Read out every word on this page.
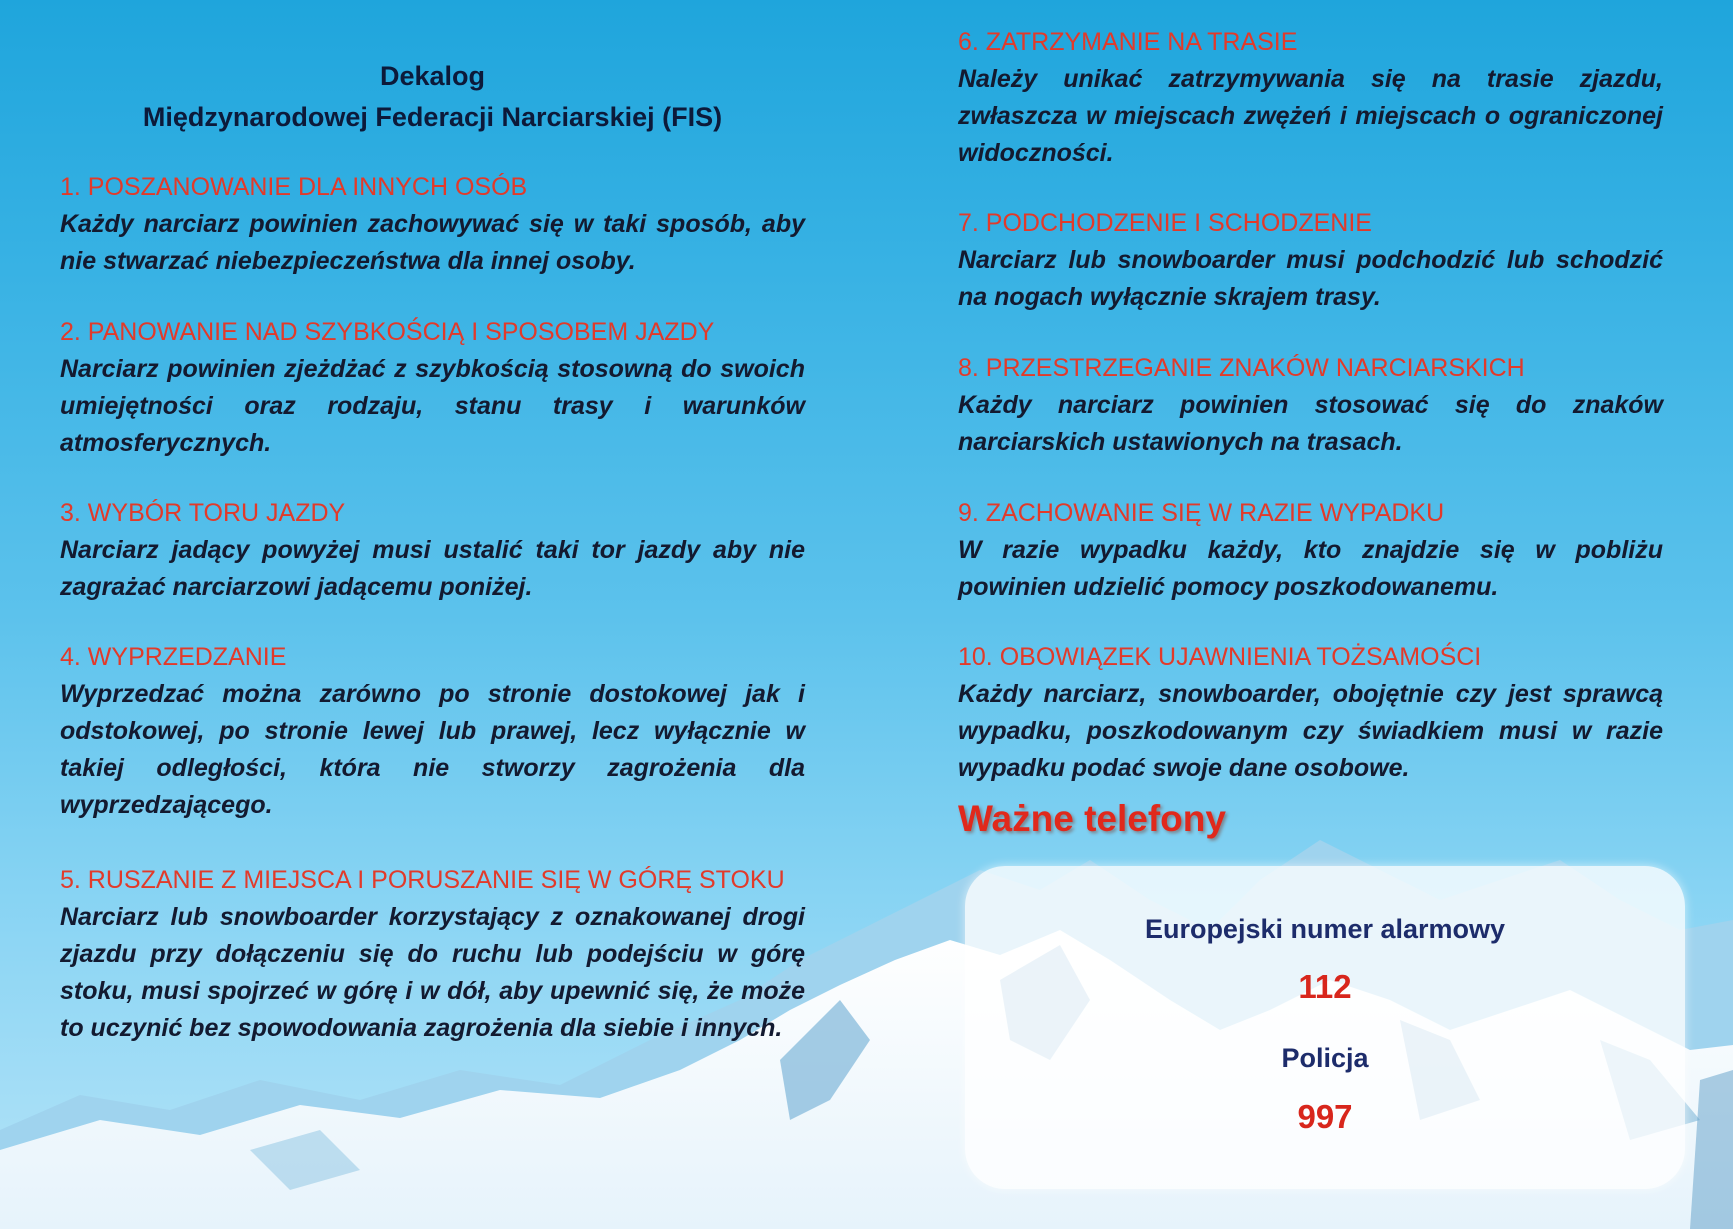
Dekalog
Międzynarodowej Federacji Narciarskiej (FIS)

1. POSZANOWANIE DLA INNYCH OSÓB

Każdy narciarz powinien zachowywać się w taki sposób, aby nie stwarzać niebezpieczeństwa dla innej osoby.

2. PANOWANIE NAD SZYBKOŚCIĄ I SPOSOBEM JAZDY

Narciarz powinien zjeżdżać z szybkością stosowną do swoich umiejętności oraz rodzaju, stanu trasy i warunków atmosferycznych.

3. WYBÓR TORU JAZDY

Narciarz jadący powyżej musi ustalić taki tor jazdy aby nie zagrażać narciarzowi jadącemu poniżej.

4. WYPRZEDZANIE

Wyprzedzać można zarówno po stronie dostokowej jak i odstokowej, po stronie lewej lub prawej, lecz wyłącznie w takiej odległości, która nie stworzy zagrożenia dla wyprzedzającego.

5. RUSZANIE Z MIEJSCA I PORUSZANIE SIĘ W GÓRĘ STOKU

Narciarz lub snowboarder korzystający z oznakowanej drogi zjazdu przy dołączeniu się do ruchu lub podejściu w górę stoku, musi spojrzeć w górę i w dół, aby upewnić się, że może to uczynić bez spowodowania zagrożenia dla siebie i innych.

6. ZATRZYMANIE NA TRASIE

Należy unikać zatrzymywania się na trasie zjazdu, zwłaszcza w miejscach zwężeń i miejscach o ograniczonej widoczności.

7. PODCHODZENIE I SCHODZENIE

Narciarz lub snowboarder musi podchodzić lub schodzić na nogach wyłącznie skrajem trasy.

8. PRZESTRZEGANIE ZNAKÓW NARCIARSKICH

Każdy narciarz powinien stosować się do znaków narciarskich ustawionych na trasach.

9. ZACHOWANIE SIĘ W RAZIE WYPADKU

W razie wypadku każdy, kto znajdzie się w pobliżu powinien udzielić pomocy poszkodowanemu.

10. OBOWIĄZEK UJAWNIENIA TOŻSAMOŚCI

Każdy narciarz, snowboarder, obojętnie czy jest sprawcą wypadku, poszkodowanym czy świadkiem musi w razie wypadku podać swoje dane osobowe.

Ważne telefony
Europejski numer alarmowy
112
Policja
997
